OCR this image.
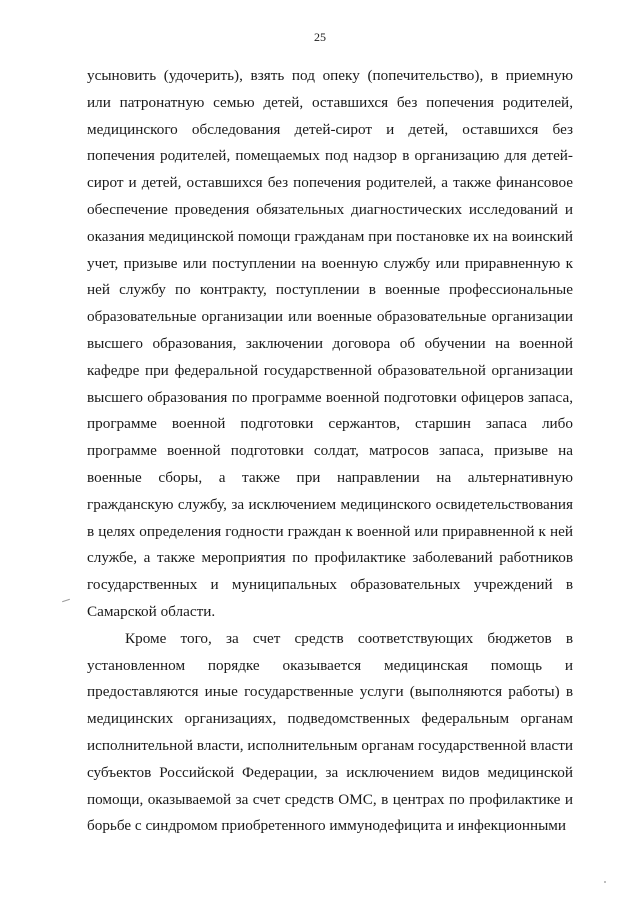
25

усыновить (удочерить), взять под опеку (попечительство), в приемную или патронатную семью детей, оставшихся без попечения родителей, медицинского обследования детей-сирот и детей, оставшихся без попечения родителей, помещаемых под надзор в организацию для детей-сирот и детей, оставшихся без попечения родителей, а также финансовое обеспечение проведения обязательных диагностических исследований и оказания медицинской помощи гражданам при постановке их на воинский учет, призыве или поступлении на военную службу или приравненную к ней службу по контракту, поступлении в военные профессиональные образовательные организации или военные образовательные организации высшего образования, заключении договора об обучении на военной кафедре при федеральной государственной образовательной организации высшего образования по программе военной подготовки офицеров запаса, программе военной подготовки сержантов, старшин запаса либо программе военной подготовки солдат, матросов запаса, призыве на военные сборы, а также при направлении на альтернативную гражданскую службу, за исключением медицинского освидетельствования в целях определения годности граждан к военной или приравненной к ней службе, а также мероприятия по профилактике заболеваний работников государственных и муниципальных образовательных учреждений в Самарской области.

Кроме того, за счет средств соответствующих бюджетов в установленном порядке оказывается медицинская помощь и предоставляются иные государственные услуги (выполняются работы) в медицинских организациях, подведомственных федеральным органам исполнительной власти, исполнительным органам государственной власти субъектов Российской Федерации, за исключением видов медицинской помощи, оказываемой за счет средств ОМС, в центрах по профилактике и борьбе с синдромом приобретенного иммунодефицита и инфекционными
